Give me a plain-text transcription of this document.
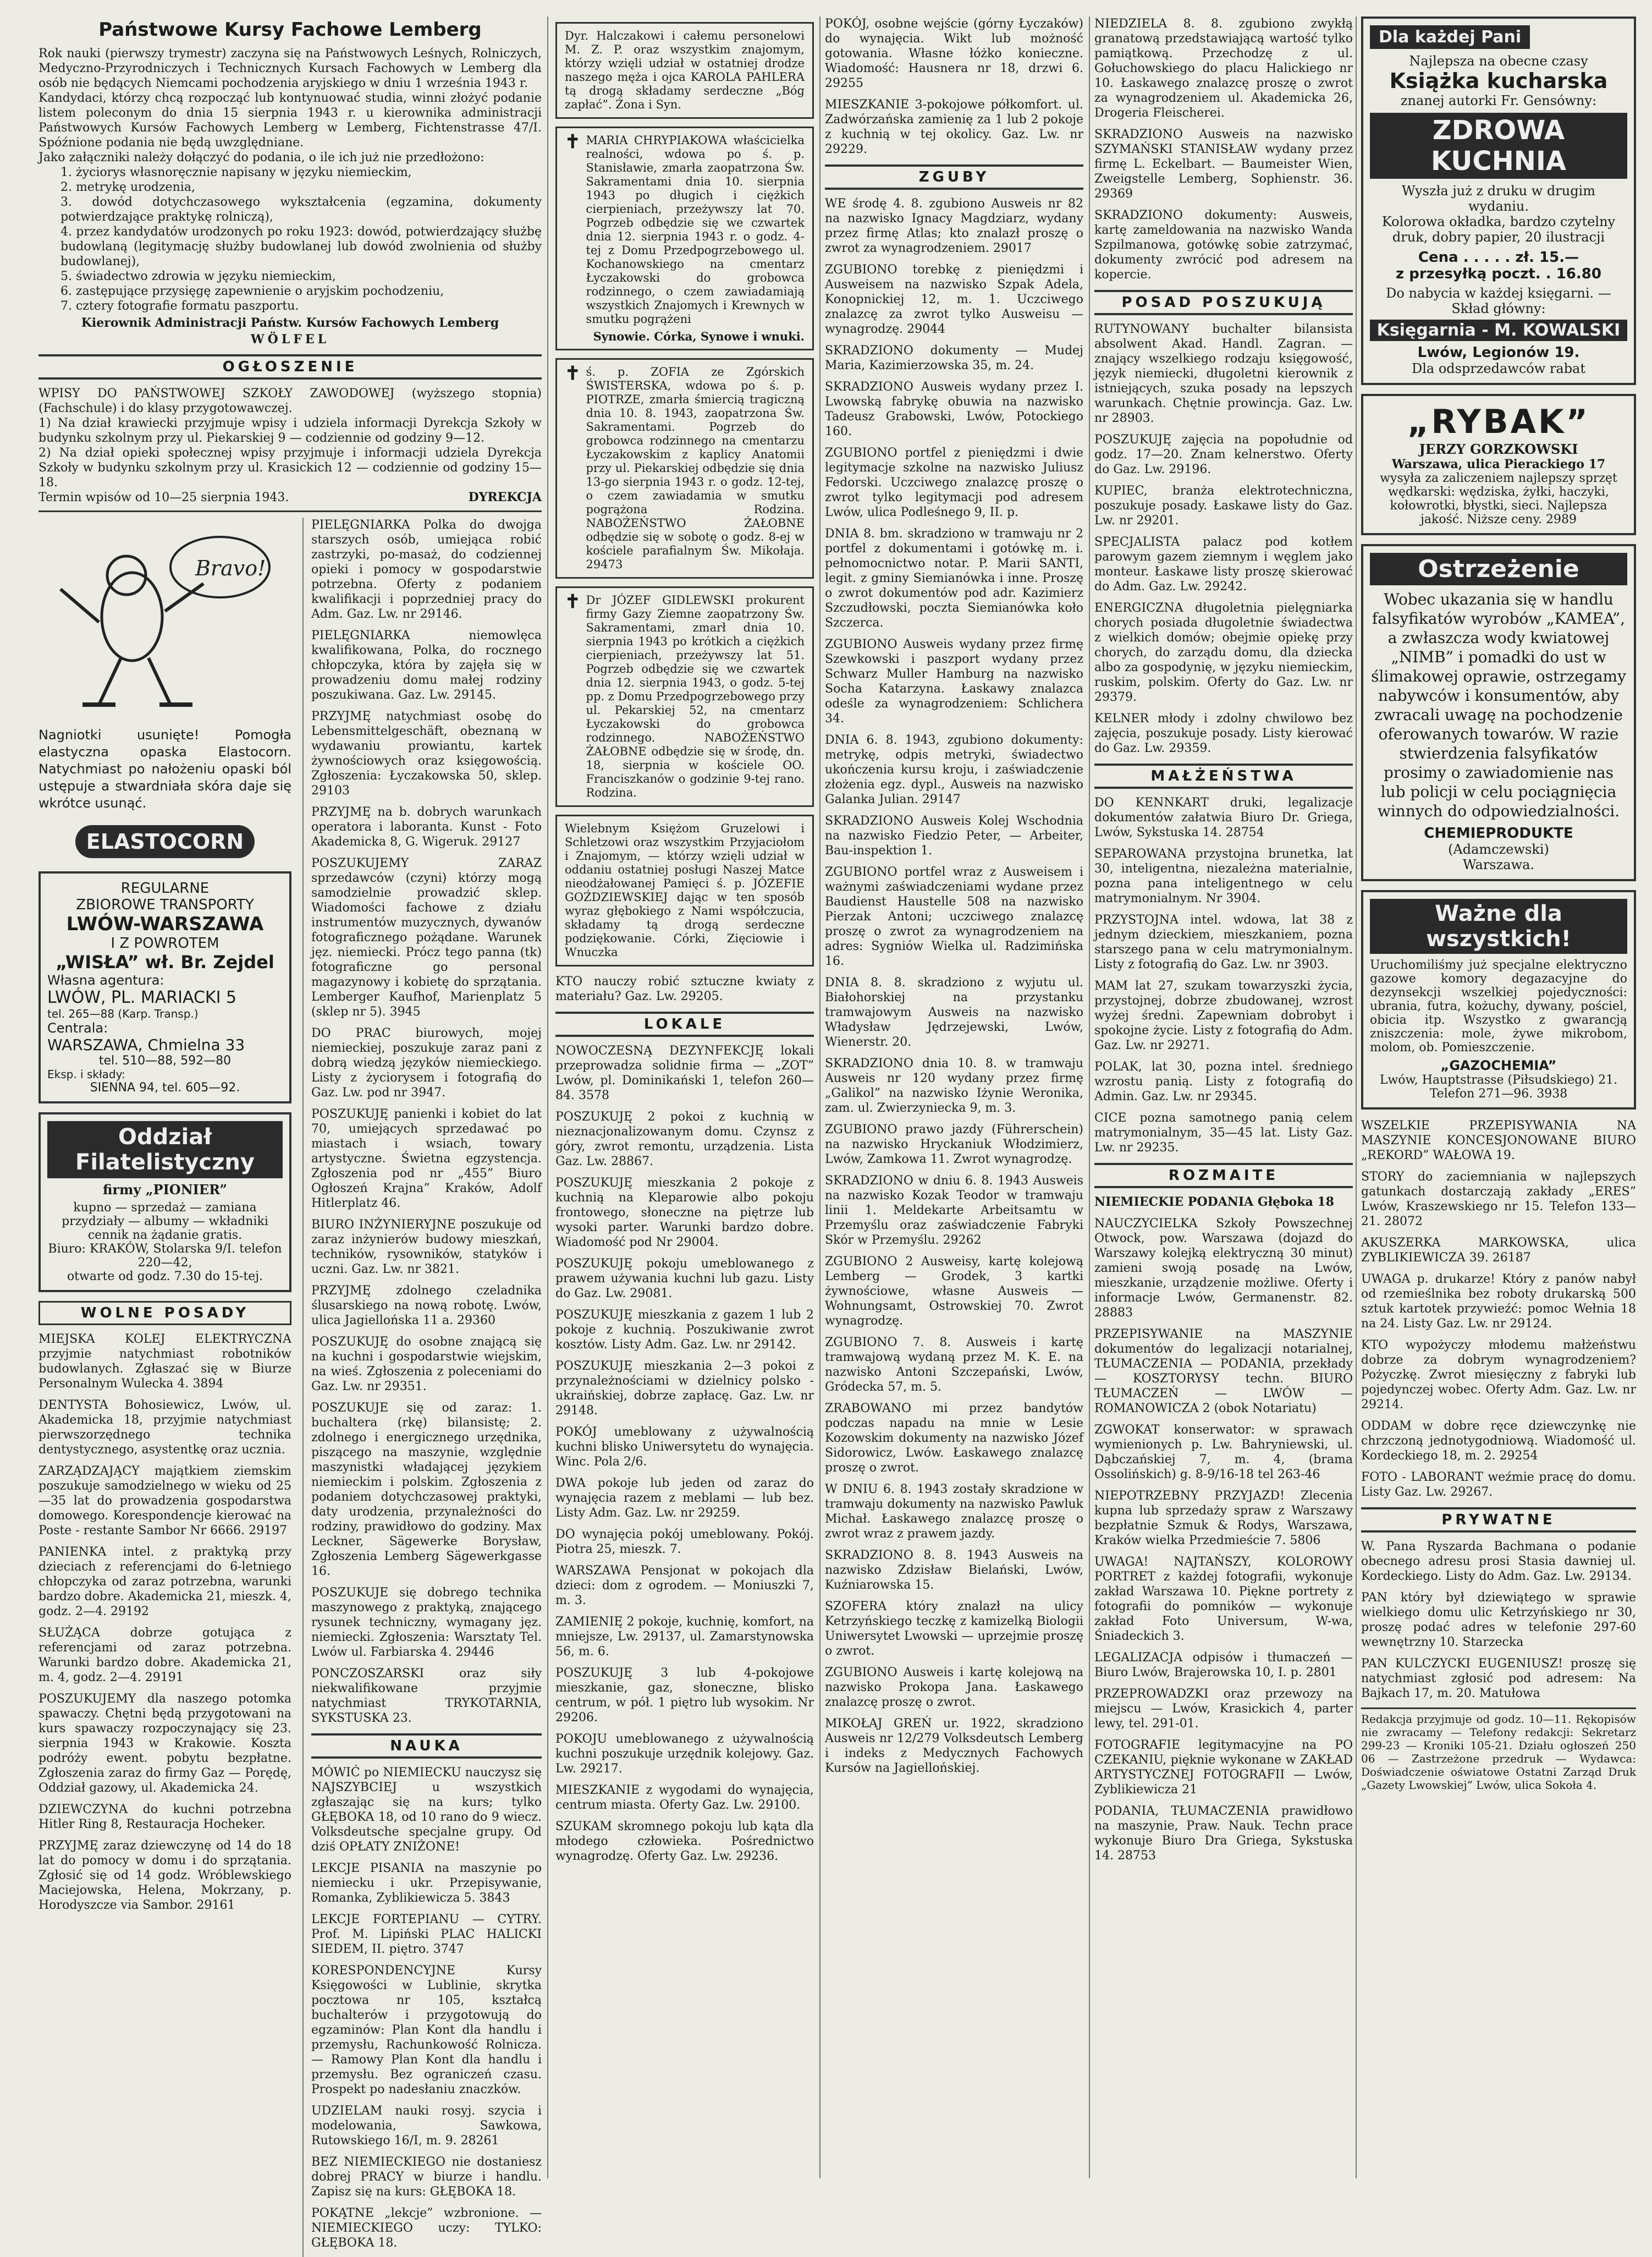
Państwowe Kursy Fachowe Lemberg

Rok nauki (pierwszy trymestr) zaczyna się na Państwowych Leśnych, Rolniczych, Medyczno-Przyrodniczych i Technicznych Kursach Fachowych w Lemberg dla osób nie będących Niemcami pochodzenia aryjskiego w dniu 1 września 1943 r.

Kandydaci, którzy chcą rozpocząć lub kontynuować studia, winni złożyć podanie listem poleconym do dnia 15 sierpnia 1943 r. u kierownika administracji Państwowych Kursów Fachowych Lemberg w Lemberg, Fichtenstrasse 47/I. Spóźnione podania nie będą uwzględniane.

Jako załączniki należy dołączyć do podania, o ile ich już nie przedłożono:

1. życiorys własnoręcznie napisany w języku niemieckim,

2. metrykę urodzenia,

3. dowód dotychczasowego wykształcenia (egzamina, dokumenty potwierdzające praktykę rolniczą),

4. przez kandydatów urodzonych po roku 1923: dowód, potwierdzający służbę budowlaną (legitymację służby budowlanej lub dowód zwolnienia od służby budowlanej),

5. świadectwo zdrowia w języku niemieckim,

6. zastępujące przysięgę zapewnienie o aryjskim pochodzeniu,

7. cztery fotografie formatu paszportu.

Kierownik Administracji Państw. Kursów Fachowych Lemberg
WÖLFEL
OGŁOSZENIE

WPISY DO PAŃSTWOWEJ SZKOŁY ZAWODOWEJ (wyższego stopnia) (Fachschule) i do klasy przygotowawczej.

1) Na dział krawiecki przyjmuje wpisy i udziela informacji Dyrekcja Szkoły w budynku szkolnym przy ul. Piekarskiej 9 — codziennie od godziny 9—12.

2) Na dział opieki społecznej wpisy przyjmuje i informacji udziela Dyrekcja Szkoły w budynku szkolnym przy ul. Krasickich 12 — codziennie od godziny 15—18.

Termin wpisów od 10—25 sierpnia 1943.	DYREKCJA

Bravo!

Nagniotki usunięte! Pomogła elastyczna opaska Elastocorn. Natychmiast po nałożeniu opaski ból ustępuje a stwardniała skóra daje się wkrótce usunąć.

ELASTOCORN
REGULARNE
ZBIOROWE TRANSPORTY
LWÓW-WARSZAWA
I Z POWROTEM
„WISŁA” wł. Br. Zejdel
Własna agentura:
LWÓW, PL. MARIACKI 5
tel. 265—88 (Karp. Transp.)
Centrala:
WARSZAWA, Chmielna 33
tel. 510—88, 592—80
Eksp. i składy:
SIENNA 94, tel. 605—92.
Oddział Filatelistyczny
firmy „PIONIER”
kupno — sprzedaż — zamiana przydziały — albumy — wkładniki cennik na żądanie gratis.
Biuro: KRAKÓW, Stolarska 9/I. telefon 220—42,
otwarte od godz. 7.30 do 15-tej.
WOLNE POSADY
MIEJSKA KOLEJ ELEKTRYCZNA przyjmie natychmiast robotników budowlanych. Zgłaszać się w Biurze Personalnym Wulecka 4. 3894
DENTYSTA Bohosiewicz, Lwów, ul. Akademicka 18, przyjmie natychmiast pierwszorzędnego technika dentystycznego, asystentkę oraz ucznia.
ZARZĄDZAJĄCY majątkiem ziemskim poszukuje samodzielnego w wieku od 25—35 lat do prowadzenia gospodarstwa domowego. Korespondencje kierować na Poste - restante Sambor Nr 6666. 29197
PANIENKA intel. z praktyką przy dzieciach z referencjami do 6-letniego chłopczyka od zaraz potrzebna, warunki bardzo dobre. Akademicka 21, mieszk. 4, godz. 2—4. 29192
SŁUŻĄCA dobrze gotująca z referencjami od zaraz potrzebna. Warunki bardzo dobre. Akademicka 21, m. 4, godz. 2—4. 29191
POSZUKUJEMY dla naszego potomka spawaczy. Chętni będą przygotowani na kurs spawaczy rozpoczynający się 23. sierpnia 1943 w Krakowie. Koszta podróży ewent. pobytu bezpłatne. Zgłoszenia zaraz do firmy Gaz — Porędę, Oddział gazowy, ul. Akademicka 24.
DZIEWCZYNA do kuchni potrzebna Hitler Ring 8, Restauracja Hocheker.
PRZYJMĘ zaraz dziewczynę od 14 do 18 lat do pomocy w domu i do sprzątania. Zgłosić się od 14 godz. Wróblewskiego Maciejowska, Helena, Mokrzany, p. Horodyszcze via Sambor. 29161
PIELĘGNIARKA Polka do dwojga starszych osób, umiejąca robić zastrzyki, po-masaż, do codziennej opieki i pomocy w gospodarstwie potrzebna. Oferty z podaniem kwalifikacji i poprzedniej pracy do Adm. Gaz. Lw. nr 29146.
PIELĘGNIARKA niemowlęca kwalifikowana, Polka, do rocznego chłopczyka, która by zajęła się w prowadzeniu domu małej rodziny poszukiwana. Gaz. Lw. 29145.
PRZYJMĘ natychmiast osobę do Lebensmittelgeschäft, obeznaną w wydawaniu prowiantu, kartek żywnościowych oraz księgowością. Zgłoszenia: Łyczakowska 50, sklep. 29103
PRZYJMĘ na b. dobrych warunkach operatora i laboranta. Kunst - Foto Akademicka 8, G. Wigeruk. 29127
POSZUKUJEMY ZARAZ sprzedawców (czyni) którzy mogą samodzielnie prowadzić sklep. Wiadomości fachowe z działu instrumentów muzycznych, dywanów fotograficznego pożądane. Warunek jęz. niemiecki. Prócz tego panna (tk) fotograficzne go personal magazynowy i kobietę do sprzątania. Lemberger Kaufhof, Marienplatz 5 (sklep nr 5). 3945
DO PRAC biurowych, mojej niemieckiej, poszukuje zaraz pani z dobrą wiedzą języków niemieckiego. Listy z życiorysem i fotografią do Gaz. Lw. pod nr 3947.
POSZUKUJĘ panienki i kobiet do lat 70, umiejących sprzedawać po miastach i wsiach, towary artystyczne. Świetna egzystencja. Zgłoszenia pod nr „455” Biuro Ogłoszeń Krajna” Kraków, Adolf Hitlerplatz 46.
BIURO INŻYNIERYJNE poszukuje od zaraz inżynierów budowy mieszkań, techników, rysowników, statyków i uczni. Gaz. Lw. nr 3821.
PRZYJMĘ zdolnego czeladnika ślusarskiego na nową robotę. Lwów, ulica Jagiellońska 11 a. 29360
POSZUKUJĘ do osobne znającą się na kuchni i gospodarstwie wiejskim, na wieś. Zgłoszenia z poleceniami do Gaz. Lw. nr 29351.
POSZUKUJE się od zaraz: 1. buchaltera (rkę) bilansistę; 2. zdolnego i energicznego urzędnika, piszącego na maszynie, względnie maszynistki władającej językiem niemieckim i polskim. Zgłoszenia z podaniem dotychczasowej praktyki, daty urodzenia, przynależności do rodziny, prawidłowo do godziny. Max Leckner, Sägewerke Borysław, Zgłoszenia Lemberg Sägewerkgasse 16.
POSZUKUJE się dobrego technika maszynowego z praktyką, znającego rysunek techniczny, wymagany jęz. niemiecki. Zgłoszenia: Warsztaty Tel. Lwów ul. Farbiarska 4. 29446
PONCZOSZARSKI oraz siły niekwalifikowane przyjmie natychmiast TRYKOTARNIA, SYKSTUSKA 23.
NAUKA
MÓWIĆ po NIEMIECKU nauczysz się NAJSZYBCIEJ u wszystkich zgłaszając się na kurs; tylko GŁĘBOKA 18, od 10 rano do 9 wiecz. Volksdeutsche specjalne grupy. Od dziś OPŁATY ZNIŻONE!
LEKCJE PISANIA na maszynie po niemiecku i ukr. Przepisywanie, Romanka, Zyblikiewicza 5. 3843
LEKCJE FORTEPIANU — CYTRY. Prof. M. Lipiński PLAC HALICKI SIEDEM, II. piętro. 3747
KORESPONDENCYJNE Kursy Księgowości w Lublinie, skrytka pocztowa nr 105, kształcą buchalterów i przygotowują do egzaminów: Plan Kont dla handlu i przemysłu, Rachunkowość Rolnicza. — Ramowy Plan Kont dla handlu i przemysłu. Bez ograniczeń czasu. Prospekt po nadesłaniu znaczków.
UDZIELAM nauki rosyj. szycia i modelowania, Sawkowa, Rutowskiego 16/I, m. 9. 28261
BEZ NIEMIECKIEGO nie dostaniesz dobrej PRACY w biurze i handlu. Zapisz się na kurs: GŁĘBOKA 18.
POKĄTNE „lekcje” wzbronione. — NIEMIECKIEGO uczy: TYLKO: GŁĘBOKA 18.
Dyr. Halczakowi i całemu personelowi M. Z. P. oraz wszystkim znajomym, którzy wzięli udział w ostatniej drodze naszego męża i ojca KAROLA PAHLERA tą drogą składamy serdeczne „Bóg zapłać”. Żona i Syn.
✝ MARIA CHRYPIAKOWA właścicielka realności, wdowa po ś. p. Stanisławie, zmarła zaopatrzona Św. Sakramentami dnia 10. sierpnia 1943 po długich i ciężkich cierpieniach, przeżywszy lat 70. Pogrzeb odbędzie się we czwartek dnia 12. sierpnia 1943 r. o godz. 4-tej z Domu Przedpogrzebowego ul. Kochanowskiego na cmentarz Łyczakowski do grobowca rodzinnego, o czem zawiadamiają wszystkich Znajomych i Krewnych w smutku pogrążeni
Synowie. Córka, Synowe i wnuki.
✝ ś. p. ZOFIA ze Zgórskich ŚWISTERSKA, wdowa po ś. p. PIOTRZE, zmarła śmiercią tragiczną dnia 10. 8. 1943, zaopatrzona Św. Sakramentami. Pogrzeb do grobowca rodzinnego na cmentarzu Łyczakowskim z kaplicy Anatomii przy ul. Piekarskiej odbędzie się dnia 13-go sierpnia 1943 r. o godz. 12-tej, o czem zawiadamia w smutku pogrążona Rodzina. NABOŻEŃSTWO ŻAŁOBNE odbędzie się w sobotę o godz. 8-ej w kościele parafialnym Św. Mikołaja. 29473
✝ Dr JÓZEF GIDLEWSKI prokurent firmy Gazy Ziemne zaopatrzony Św. Sakramentami, zmarł dnia 10. sierpnia 1943 po krótkich a ciężkich cierpieniach, przeżywszy lat 51. Pogrzeb odbędzie się we czwartek dnia 12. sierpnia 1943, o godz. 5-tej pp. z Domu Przedpogrzebowego przy ul. Pekarskiej 52, na cmentarz Łyczakowski do grobowca rodzinnego. NABOŻEŃSTWO ŻAŁOBNE odbędzie się w środę, dn. 18, sierpnia w kościele OO. Franciszkanów o godzinie 9-tej rano. Rodzina.
Wielebnym Księżom Gruzelowi i Schletzowi oraz wszystkim Przyjaciołom i Znajomym, — którzy wzięli udział w oddaniu ostatniej posługi Naszej Matce nieodżałowanej Pamięci ś. p. JÓZEFIE GOŹDZIEWSKIEJ dając w ten sposób wyraz głębokiego z Nami współczucia, składamy tą drogą serdeczne podziękowanie. Córki, Zięciowie i Wnuczka
KTO nauczy robić sztuczne kwiaty z materiału? Gaz. Lw. 29205.
LOKALE
NOWOCZESNĄ DEZYNFEKCJĘ lokali przeprowadza solidnie firma — „ZOT” Lwów, pl. Dominikański 1, telefon 260—84. 3578
POSZUKUJĘ 2 pokoi z kuchnią w nieznacjonalizowanym domu. Czynsz z góry, zwrot remontu, urządzenia. Lista Gaz. Lw. 28867.
POSZUKUJĘ mieszkania 2 pokoje z kuchnią na Kleparowie albo pokoju frontowego, słoneczne na piętrze lub wysoki parter. Warunki bardzo dobre. Wiadomość pod Nr 29004.
POSZUKUJĘ pokoju umeblowanego z prawem używania kuchni lub gazu. Listy do Gaz. Lw. 29081.
POSZUKUJĘ mieszkania z gazem 1 lub 2 pokoje z kuchnią. Poszukiwanie zwrot kosztów. Listy Adm. Gaz. Lw. nr 29142.
POSZUKUJĘ mieszkania 2—3 pokoi z przynależnościami w dzielnicy polsko - ukraińskiej, dobrze zapłacę. Gaz. Lw. nr 29148.
POKÓJ umeblowany z używalnością kuchni blisko Uniwersytetu do wynajęcia. Winc. Pola 2/6.
DWA pokoje lub jeden od zaraz do wynajęcia razem z meblami — lub bez. Listy Adm. Gaz. Lw. nr 29259.
DO wynajęcia pokój umeblowany. Pokój. Piotra 25, mieszk. 7.
WARSZAWA Pensjonat w pokojach dla dzieci: dom z ogrodem. — Moniuszki 7, m. 3.
ZAMIENIĘ 2 pokoje, kuchnię, komfort, na mniejsze, Lw. 29137, ul. Zamarstynowska 56, m. 6.
POSZUKUJĘ 3 lub 4-pokojowe mieszkanie, gaz, słoneczne, blisko centrum, w pół. 1 piętro lub wysokim. Nr 29206.
POKOJU umeblowanego z używalnością kuchni poszukuje urzędnik kolejowy. Gaz. Lw. 29217.
MIESZKANIE z wygodami do wynajęcia, centrum miasta. Oferty Gaz. Lw. 29100.
SZUKAM skromnego pokoju lub kąta dla młodego człowieka. Pośrednictwo wynagrodzę. Oferty Gaz. Lw. 29236.
POKÓJ, osobne wejście (górny Łyczaków) do wynajęcia. Wikt lub możność gotowania. Własne łóżko konieczne. Wiadomość: Hausnera nr 18, drzwi 6. 29255
MIESZKANIE 3-pokojowe półkomfort. ul. Zadwórzańska zamienię za 1 lub 2 pokoje z kuchnią w tej okolicy. Gaz. Lw. nr 29229.
ZGUBY
WE środę 4. 8. zgubiono Ausweis nr 82 na nazwisko Ignacy Magdziarz, wydany przez firmę Atlas; kto znalazł proszę o zwrot za wynagrodzeniem. 29017
ZGUBIONO torebkę z pieniędzmi i Ausweisem na nazwisko Szpak Adela, Konopnickiej 12, m. 1. Uczciwego znalazcę za zwrot tylko Ausweisu — wynagrodzę. 29044
SKRADZIONO dokumenty — Mudej Maria, Kazimierzowska 35, m. 24.
SKRADZIONO Ausweis wydany przez I. Lwowską fabrykę obuwia na nazwisko Tadeusz Grabowski, Lwów, Potockiego 160.
ZGUBIONO portfel z pieniędzmi i dwie legitymacje szkolne na nazwisko Juliusz Fedorski. Uczciwego znalazcę proszę o zwrot tylko legitymacji pod adresem Lwów, ulica Podleśnego 9, II. p.
DNIA 8. bm. skradziono w tramwaju nr 2 portfel z dokumentami i gotówkę m. i. pełnomocnictwo notar. P. Marii SANTI, legit. z gminy Siemianówka i inne. Proszę o zwrot dokumentów pod adr. Kazimierz Szczudłowski, poczta Siemianówka koło Szczerca.
ZGUBIONO Ausweis wydany przez firmę Szewkowski i paszport wydany przez Schwarz Muller Hamburg na nazwisko Socha Katarzyna. Łaskawy znalazca odeśle za wynagrodzeniem: Schlichera 34.
DNIA 6. 8. 1943, zgubiono dokumenty: metrykę, odpis metryki, świadectwo ukończenia kursu kroju, i zaświadczenie złożenia egz. dypl., Ausweis na nazwisko Galanka Julian. 29147
SKRADZIONO Ausweis Kolej Wschodnia na nazwisko Fiedzio Peter, — Arbeiter, Bau-inspektion 1.
ZGUBIONO portfel wraz z Ausweisem i ważnymi zaświadczeniami wydane przez Baudienst Haustelle 508 na nazwisko Pierzak Antoni; uczciwego znalazcę proszę o zwrot za wynagrodzeniem na adres: Sygniów Wielka ul. Radzimińska 16.
DNIA 8. 8. skradziono z wyjutu ul. Białohorskiej na przystanku tramwajowym Ausweis na nazwisko Władysław Jędrzejewski, Lwów, Wienerstr. 20.
SKRADZIONO dnia 10. 8. w tramwaju Ausweis nr 120 wydany przez firmę „Galikol” na nazwisko Iżynie Weronika, zam. ul. Zwierzyniecka 9, m. 3.
ZGUBIONO prawo jazdy (Führerschein) na nazwisko Hryckaniuk Włodzimierz, Lwów, Zamkowa 11. Zwrot wynagrodzę.
SKRADZIONO w dniu 6. 8. 1943 Ausweis na nazwisko Kozak Teodor w tramwaju linii 1. Meldekarte Arbeitsamtu w Przemyślu oraz zaświadczenie Fabryki Skór w Przemyślu. 29262
ZGUBIONO 2 Ausweisy, kartę kolejową Lemberg — Grodek, 3 kartki żywnościowe, własne Ausweis — Wohnungsamt, Ostrowskiej 70. Zwrot wynagrodzę.
ZGUBIONO 7. 8. Ausweis i kartę tramwajową wydaną przez M. K. E. na nazwisko Antoni Szczepański, Lwów, Gródecka 57, m. 5.
ZRABOWANO mi przez bandytów podczas napadu na mnie w Lesie Kozowskim dokumenty na nazwisko Józef Sidorowicz, Lwów. Łaskawego znalazcę proszę o zwrot.
W DNIU 6. 8. 1943 zostały skradzione w tramwaju dokumenty na nazwisko Pawluk Michał. Łaskawego znalazcę proszę o zwrot wraz z prawem jazdy.
SKRADZIONO 8. 8. 1943 Ausweis na nazwisko Zdzisław Bielański, Lwów, Kuźniarowska 15.
SZOFERA który znalazł na ulicy Ketrzyńskiego teczkę z kamizelką Biologii Uniwersytet Lwowski — uprzejmie proszę o zwrot.
ZGUBIONO Ausweis i kartę kolejową na nazwisko Prokopa Jana. Łaskawego znalazcę proszę o zwrot.
MIKOŁAJ GREŃ ur. 1922, skradziono Ausweis nr 12/279 Volksdeutsch Lemberg i indeks z Medycznych Fachowych Kursów na Jagiellońskiej.
NIEDZIELA 8. 8. zgubiono zwykłą granatową przedstawiającą wartość tylko pamiątkową. Przechodzę z ul. Gołuchowskiego do placu Halickiego nr 10. Łaskawego znalazcę proszę o zwrot za wynagrodzeniem ul. Akademicka 26, Drogeria Fleischerei.
SKRADZIONO Ausweis na nazwisko SZYMAŃSKI STANISŁAW wydany przez firmę L. Eckelbart. — Baumeister Wien, Zweigstelle Lemberg, Sophienstr. 36. 29369
SKRADZIONO dokumenty: Ausweis, kartę zameldowania na nazwisko Wanda Szpilmanowa, gotówkę sobie zatrzymać, dokumenty zwrócić pod adresem na kopercie.
POSAD POSZUKUJĄ
RUTYNOWANY buchalter bilansista absolwent Akad. Handl. Zagran. — znający wszelkiego rodzaju księgowość, język niemiecki, długoletni kierownik z istniejących, szuka posady na lepszych warunkach. Chętnie prowincja. Gaz. Lw. nr 28903.
POSZUKUJĘ zajęcia na popołudnie od godz. 17—20. Znam kelnerstwo. Oferty do Gaz. Lw. 29196.
KUPIEC, branża elektrotechniczna, poszukuje posady. Łaskawe listy do Gaz. Lw. nr 29201.
SPECJALISTA palacz pod kotłem parowym gazem ziemnym i węglem jako monteur. Łaskawe listy proszę skierować do Adm. Gaz. Lw. 29242.
ENERGICZNA długoletnia pielęgniarka chorych posiada długoletnie świadectwa z wielkich domów; obejmie opiekę przy chorych, do zarządu domu, dla dziecka albo za gospodynię, w języku niemieckim, ruskim, polskim. Oferty do Gaz. Lw. nr 29379.
KELNER młody i zdolny chwilowo bez zajęcia, poszukuje posady. Listy kierować do Gaz. Lw. 29359.
MAŁŻEŃSTWA
DO KENNKART druki, legalizacje dokumentów załatwia Biuro Dr. Griega, Lwów, Sykstuska 14. 28754
SEPAROWANA przystojna brunetka, lat 30, inteligentna, niezależna materialnie, pozna pana inteligentnego w celu matrymonialnym. Nr 3904.
PRZYSTOJNA intel. wdowa, lat 38 z jednym dzieckiem, mieszkaniem, pozna starszego pana w celu matrymonialnym. Listy z fotografią do Gaz. Lw. nr 3903.
MAM lat 27, szukam towarzyszki życia, przystojnej, dobrze zbudowanej, wzrost wyżej średni. Zapewniam dobrobyt i spokojne życie. Listy z fotografią do Adm. Gaz. Lw. nr 29271.
POLAK, lat 30, pozna intel. średniego wzrostu panią. Listy z fotografią do Admin. Gaz. Lw. nr 29345.
CICE pozna samotnego panią celem matrymonialnym, 35—45 lat. Listy Gaz. Lw. nr 29235.
ROZMAITE
NIEMIECKIE PODANIA Głęboka 18
NAUCZYCIELKA Szkoły Powszechnej Otwock, pow. Warszawa (dojazd do Warszawy kolejką elektryczną 30 minut) zamieni swoją posadę na Lwów, mieszkanie, urządzenie możliwe. Oferty i informacje Lwów, Germanenstr. 82. 28883
PRZEPISYWANIE na MASZYNIE dokumentów do legalizacji notarialnej, TŁUMACZENIA — PODANIA, przekłady — KOSZTORYSY techn. BIURO TŁUMACZEŃ — LWÓW — ROMANOWICZA 2 (obok Notariatu)
ZGWOKAT konserwator: w sprawach wymienionych p. Lw. Bahryniewski, ul. Dąbczańskiej 7, m. 4, (brama Ossolińskich) g. 8-9/16-18 tel 263-46
NIEPOTRZEBNY PRZYJAZD! Zlecenia kupna lub sprzedaży spraw z Warszawy bezpłatnie Szmuk & Rodys, Warszawa, Kraków wielka Przedmieście 7. 5806
UWAGA! NAJTAŃSZY, KOLOROWY PORTRET z każdej fotografii, wykonuje zakład Warszawa 10. Piękne portrety z fotografii do pomników — wykonuje zakład Foto Universum, W-wa, Śniadeckich 3.
LEGALIZACJA odpisów i tłumaczeń — Biuro Lwów, Brajerowska 10, I. p. 2801
PRZEPROWADZKI oraz przewozy na miejscu — Lwów, Krasickich 4, parter lewy, tel. 291-01.
FOTOGRAFIE legitymacyjne na PO CZEKANIU, pięknie wykonane w ZAKŁAD ARTYSTYCZNEJ FOTOGRAFII — Lwów, Zyblikiewicza 21
PODANIA, TŁUMACZENIA prawidłowo na maszynie, Praw. Nauk. Techn prace wykonuje Biuro Dra Griega, Sykstuska 14. 28753
Dla każdej Pani
Najlepsza na obecne czasy
Książka kucharska
znanej autorki Fr. Gensówny:
ZDROWA KUCHNIA
Wyszła już z druku w drugim wydaniu.
Kolorowa okładka, bardzo czytelny druk, dobry papier, 20 ilustracji
Cena . . . . . zł. 15.—
z przesyłką poczt. . 16.80
Do nabycia w każdej księgarni. — Skład główny:
Księgarnia - M. KOWALSKI
Lwów, Legionów 19.
Dla odsprzedawców rabat
„RYBAK”
JERZY GORZKOWSKI
Warszawa, ulica Pierackiego 17
wysyła za zaliczeniem najlepszy sprzęt wędkarski: wędziska, żyłki, haczyki, kołowrotki, błystki, sieci. Najlepsza jakość. Niższe ceny. 2989
Ostrzeżenie
Wobec ukazania się w handlu falsyfikatów wyrobów „KAMEA”, a zwłaszcza wody kwiatowej „NIMB” i pomadki do ust w ślimakowej oprawie, ostrzegamy nabywców i konsumentów, aby zwracali uwagę na pochodzenie oferowanych towarów. W razie stwierdzenia falsyfikatów prosimy o zawiadomienie nas lub policji w celu pociągnięcia winnych do odpowiedzialności.
CHEMIEPRODUKTE
(Adamczewski)
Warszawa.
Ważne dla wszystkich!
Uruchomiliśmy już specjalne elektryczno gazowe komory degazacyjne do dezynsekcji wszelkiej pojedyczności: ubrania, futra, kożuchy, dywany, pościel, obicia itp. Wszystko z gwarancją zniszczenia: mole, żywe mikrobom, molom, ob. Pomieszczenie.
„GAZOCHEMIA”
Lwów, Hauptstrasse (Piłsudskiego) 21. Telefon 271—96. 3938
WSZELKIE PRZEPISYWANIA NA MASZYNIE KONCESJONOWANE BIURO „REKORD” WAŁOWA 19.
STORY do zaciemniania w najlepszych gatunkach dostarczają zakłady „ERES” Lwów, Kraszewskiego nr 15. Telefon 133—21. 28072
AKUSZERKA MARKOWSKA, ulica ZYBLIKIEWICZA 39. 26187
UWAGA p. drukarze! Który z panów nabył od rzemieślnika bez roboty drukarską 500 sztuk kartotek przywieźć: pomoc Wełnia 18 na 24. Listy Gaz. Lw. nr 29124.
KTO wypożyczy młodemu małżeństwu dobrze za dobrym wynagrodzeniem? Pożyczkę. Zwrot miesięczny z fabryki lub pojedynczej wobec. Oferty Adm. Gaz. Lw. nr 29214.
ODDAM w dobre ręce dziewczynkę nie chrzczoną jednotygodniową. Wiadomość ul. Kordeckiego 18, m. 2. 29254
FOTO - LABORANT weźmie pracę do domu. Listy Gaz. Lw. 29267.
PRYWATNE
W. Pana Ryszarda Bachmana o podanie obecnego adresu prosi Stasia dawniej ul. Kordeckiego. Listy do Adm. Gaz. Lw. 29134.
PAN który był dziewiątego w sprawie wielkiego domu ulic Ketrzyńskiego nr 30, proszę podać adres w telefonie 297-60 wewnętrzny 10. Starzecka
PAN KULCZYCKI EUGENIUSZ! proszę się natychmiast zgłosić pod adresem: Na Bajkach 17, m. 20. Matułowa
Redakcja przyjmuje od godz. 10—11. Rękopisów nie zwracamy — Telefony redakcji: Sekretarz 299-23 — Kroniki 105-21. Działu ogłoszeń 250 06 — Zastrzeżone przedruk — Wydawca: Doświadczenie oświatowe Ostatni Zarząd Druk „Gazety Lwowskiej” Lwów, ulica Sokoła 4.
